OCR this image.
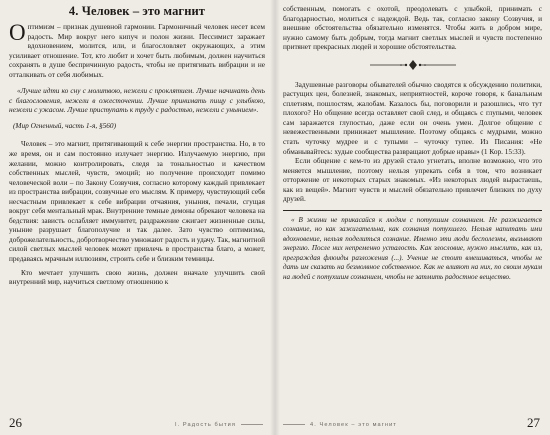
4. Человек – это магнит

Оптимизм – признак душевной гармонии. Гармоничный человек несет всем радость. Мир вокруг него кипуч и полон жизни. Пессимист заражает вдохновением, молится, или, и благословляет окружающих, а этим усиливает отношение. Тот, кто любит и хочет быть любимым, должен научиться сохранять в душе беспричинную радость, чтобы не притягивать вибрации и не отталкивать от себя любимых.

«Лучше идти ко сну с молитвою, нежели с проклятием. Лучше начинать день с благословения, нежели в ожесточении. Лучше принимать пищу с улыбкою, нежели с ужасом. Лучше приступать к труду с радостью, нежели с унынием».

(Мир Огненный, часть 1-я, §560)

Человек – это магнит, притягивающий к себе энергии пространства. Но, в то же время, он и сам постоянно излучает энергию. Излучаемую энергию, при желании, можно контролировать, следя за тональностью и качеством собственных мыслей, чувств, эмоций; но получение происходит помимо человеческой воли – по Закону Созвучия, согласно которому каждый привлекает из пространства вибрации, созвучные его мыслям. К примеру, чувствующий себя несчастным привлекает к себе вибрации отчаяния, уныния, печали, сгущая вокруг себя ментальный мрак. Внутренние темные демоны обрекают человека на бедствия: зависть ослабляет иммунитет, раздражение сжигает жизненные силы, уныние разрушает благополучие и так далее. Зато чувство оптимизма, доброжелательность, добротворчество умножают радость и удачу. Так, магнитной силой светлых мыслей человек может привлечь в пространства благо, а может, предаваясь мрачным иллюзиям, строить себе и близким темницы.

Кто мечтает улучшить свою жизнь, должен вначале улучшить свой внутренний мир, научиться светлому отношению к

26	I. Радость бытия

собственным, помогать с охотой, преодолевать с улыбкой, принимать с благодарностью, молиться с надеждой. Ведь так, согласно закону Созвучия, и внешние обстоятельства обязательно изменятся. Чтобы жить в добром мире, нужно самому быть добрым, тогда магнит светлых мыслей и чувств постепенно притянет прекрасных людей и хорошие обстоятельства.

Задушевные разговоры обывателей обычно сводятся к обсуждению политики, растущих цен, болезней, знакомых, неприятностей, короче говоря, к банальным сплетням, пошлостям, жалобам. Казалось бы, поговорили и разошлись, что тут плохого? Но общение всегда оставляет свой след, и общаясь с глупыми, человек сам заражается глупостью, даже если он очень умен. Долгое общение с невежественными принижает мышление. Поэтому общаясь с мудрыми, можно стать чуточку мудрее и с тупыми – чуточку тупее. Из Писания: «Не обманывайтесь: худые сообщества развращают добрые нравы» (1 Кор. 15:33).

Если общение с кем-то из друзей стало угнетать, вполне возможно, что это меняется мышление, поэтому нельзя упрекать себя в том, что возникает отторжение от некоторых старых знакомых. «Из некоторых людей вырастаешь, как из вещей». Магнит чувств и мыслей обязательно привлечет близких по духу друзей.

« В жизни не прикасайся к людям с потухшим сознанием. Не разжигается сознание, но как зажигательна, как сознания потухшего. Нельзя напитать ими вдохновение, нельзя поделиться сознание. Именно эти люди бесполезны, вызывают энергию. После них непременно усталость. Как злословие, нужно мыслить, как из, преграждая флюиды разложения (...). Учение не стоит вмешиваться, чтобы не дать им сказать на безмолвное собственное. Как не влияют на них, по своим мукам на людей с потухшим сознанием, чтобы не затмить радостное вещество.

4. Человек – это магнит	27
